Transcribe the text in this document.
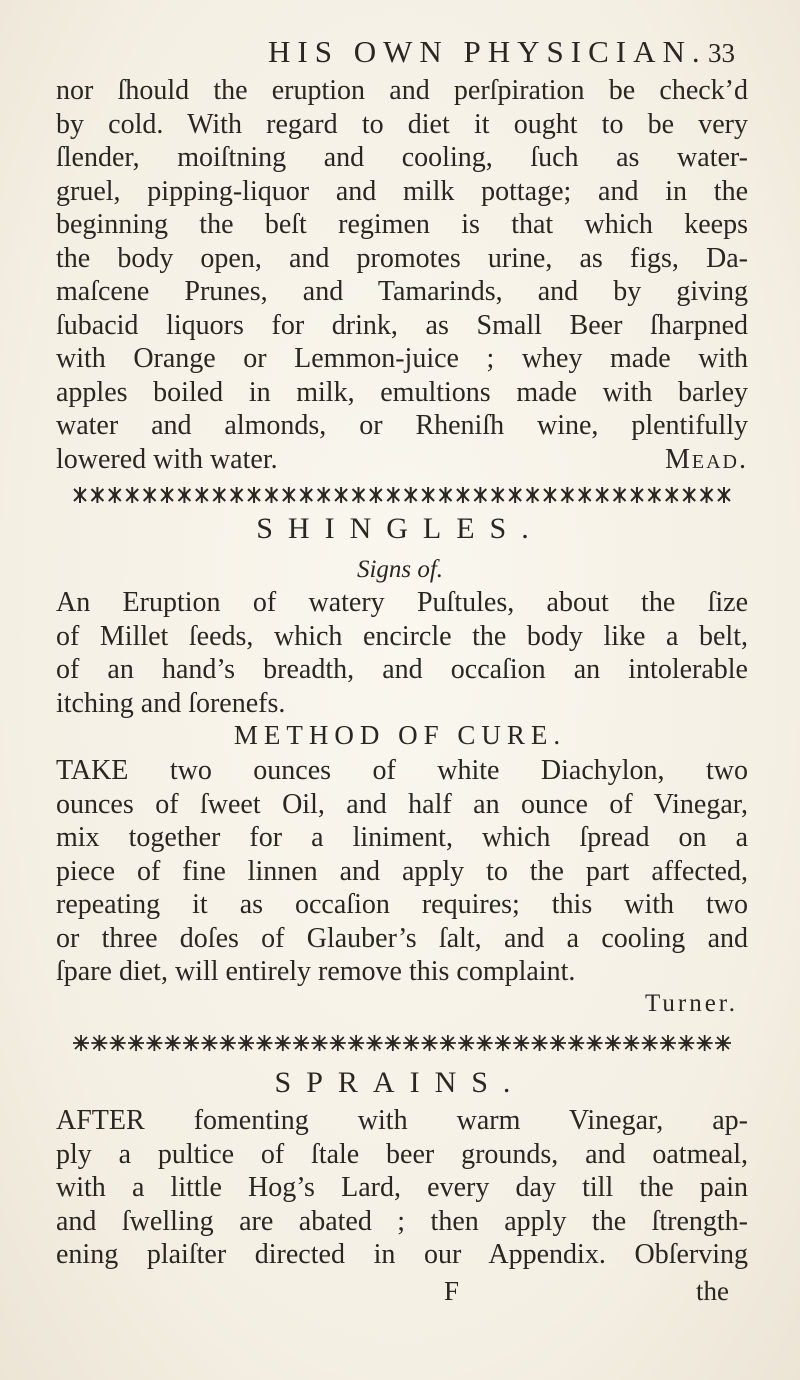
HIS OWN PHYSICIAN. 33
nor ſhould the eruption and perſpiration be check’d
by cold. With regard to diet it ought to be very
ſlender, moiſtning and cooling, ſuch as water-
gruel, pipping-liquor and milk pottage; and in the
beginning the beſt regimen is that which keeps
the body open, and promotes urine, as figs, Da-
maſcene Prunes, and Tamarinds, and by giving
ſubacid liquors for drink, as Small Beer ſharpned
with Orange or Lemmon-juice ; whey made with
apples boiled in milk, emultions made with barley
water and almonds, or Rheniſh wine, plentifully
lowered with water.	Mead.
SHINGLES.
Signs of.
An Eruption of watery Puſtules, about the ſize
of Millet ſeeds, which encircle the body like a belt,
of an hand’s breadth, and occaſion an intolerable
itching and ſorenefs.
METHOD OF CURE.
TAKE two ounces of white Diachylon, two
ounces of ſweet Oil, and half an ounce of Vinegar,
mix together for a liniment, which ſpread on a
piece of fine linnen and apply to the part affected,
repeating it as occaſion requires; this with two
or three doſes of Glauber’s ſalt, and a cooling and
ſpare diet, will entirely remove this complaint.
Turner.
SPRAINS.
AFTER fomenting with warm Vinegar, ap-
ply a pultice of ſtale beer grounds, and oatmeal,
with a little Hog’s Lard, every day till the pain
and ſwelling are abated ; then apply the ſtrength-
ening plaiſter directed in our Appendix. Obſerving
F	the
